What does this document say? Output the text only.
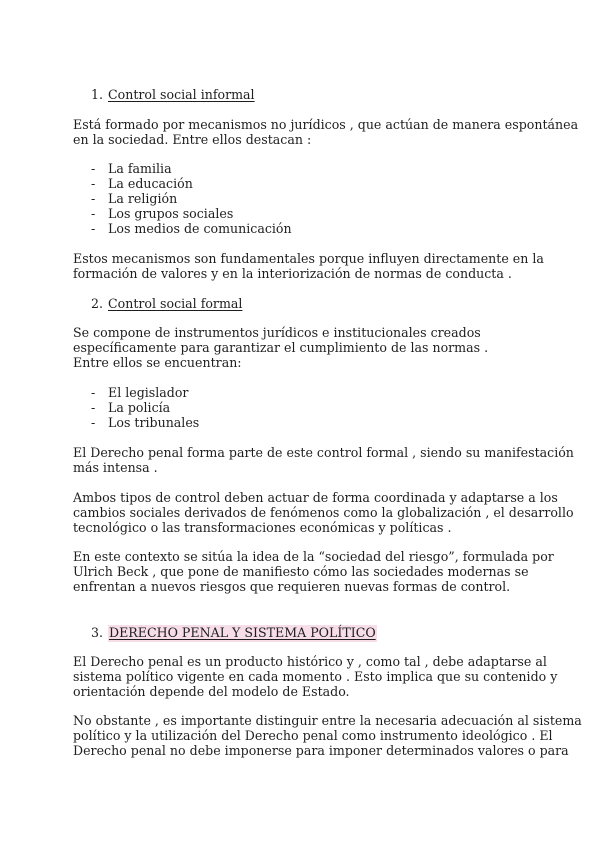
1. Control social informal
Está formado por mecanismos no jurídicos , que actúan de manera espontánea
en la sociedad. Entre ellos destacan :
- La familia
- La educación
- La religión
- Los grupos sociales
- Los medios de comunicación
Estos mecanismos son fundamentales porque influyen directamente en la
formación de valores y en la interiorización de normas de conducta .
2. Control social formal
Se compone de instrumentos jurídicos e institucionales creados
específicamente para garantizar el cumplimiento de las normas .
Entre ellos se encuentran:
- El legislador
- La policía
- Los tribunales
El Derecho penal forma parte de este control formal , siendo su manifestación
más intensa .
Ambos tipos de control deben actuar de forma coordinada y adaptarse a los
cambios sociales derivados de fenómenos como la globalización , el desarrollo
tecnológico o las transformaciones económicas y políticas .
En este contexto se sitúa la idea de la “sociedad del riesgo”, formulada por
Ulrich Beck , que pone de manifiesto cómo las sociedades modernas se
enfrentan a nuevos riesgos que requieren nuevas formas de control.
3. DERECHO PENAL Y SISTEMA POLÍTICO
El Derecho penal es un producto histórico y , como tal , debe adaptarse al
sistema político vigente en cada momento . Esto implica que su contenido y
orientación depende del modelo de Estado.
No obstante , es importante distinguir entre la necesaria adecuación al sistema
político y la utilización del Derecho penal como instrumento ideológico . El
Derecho penal no debe imponerse para imponer determinados valores o para
